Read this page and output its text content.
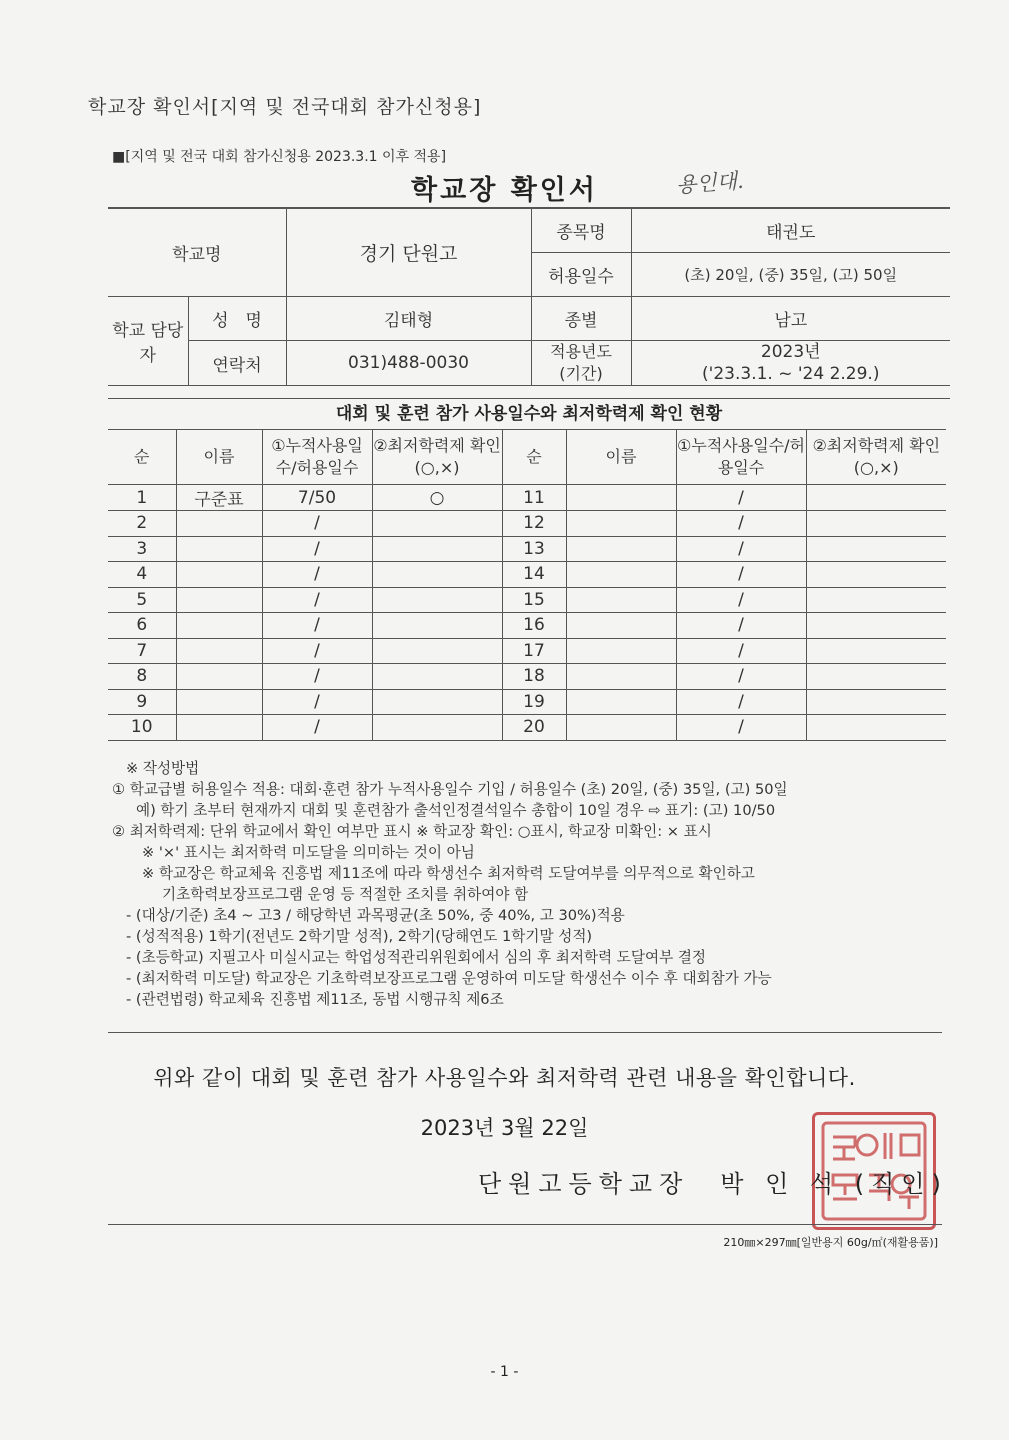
학교장 확인서[지역 및 전국대회 참가신청용]
■[지역 및 전국 대회 참가신청용 2023.3.1 이후 적용]
학교장 확인서	용인대.
학교명		경기 단원고	종목명	태권도
			허용일수	(초) 20일, (중) 35일, (고) 50일
학교 담당자	성　명	김태형	종별	남고
	연락처	031)488-0030	적용년도 (기간)	2023년
('23.3.1. ~ '24 2.29.)
대회 및 훈련 참가 사용일수와 최저학력제 확인 현황
순	이름	①누적사용일수/허용일수	②최저학력제 확인(○,×)	순	이름	①누적사용일수/허용일수	②최저학력제 확인(○,×)
1	구준표	7/50	○	11		/	
2		/		12		/	
3		/		13		/	
4		/		14		/	
5		/		15		/	
6		/		16		/	
7		/		17		/	
8		/		18		/	
9		/		19		/	
10		/		20		/	
※ 작성방법
① 학교급별 허용일수 적용: 대회·훈련 참가 누적사용일수 기입 / 허용일수 (초) 20일, (중) 35일, (고) 50일
예) 학기 초부터 현재까지 대회 및 훈련참가 출석인정결석일수 총합이 10일 경우 ⇨ 표기: (고) 10/50
② 최저학력제: 단위 학교에서 확인 여부만 표시 ※ 학교장 확인: ○표시, 학교장 미확인: × 표시
※ '×' 표시는 최저학력 미도달을 의미하는 것이 아님
※ 학교장은 학교체육 진흥법 제11조에 따라 학생선수 최저학력 도달여부를 의무적으로 확인하고
기초학력보장프로그램 운영 등 적절한 조치를 취하여야 함
- (대상/기준) 초4 ~ 고3 / 해당학년 과목평균(초 50%, 중 40%, 고 30%)적용
- (성적적용) 1학기(전년도 2학기말 성적), 2학기(당해연도 1학기말 성적)
- (초등학교) 지필고사 미실시교는 학업성적관리위원회에서 심의 후 최저학력 도달여부 결정
- (최저학력 미도달) 학교장은 기초학력보장프로그램 운영하여 미도달 학생선수 이수 후 대회참가 가능
- (관련법령) 학교체육 진흥법 제11조, 동법 시행규칙 제6조
위와 같이 대회 및 훈련 참가 사용일수와 최저학력 관련 내용을 확인합니다.
2023년 3월 22일
단원고등학교장　박 인 석 (직인)
210㎜×297㎜[일반용지 60g/㎡(재활용품)]
- 1 -
